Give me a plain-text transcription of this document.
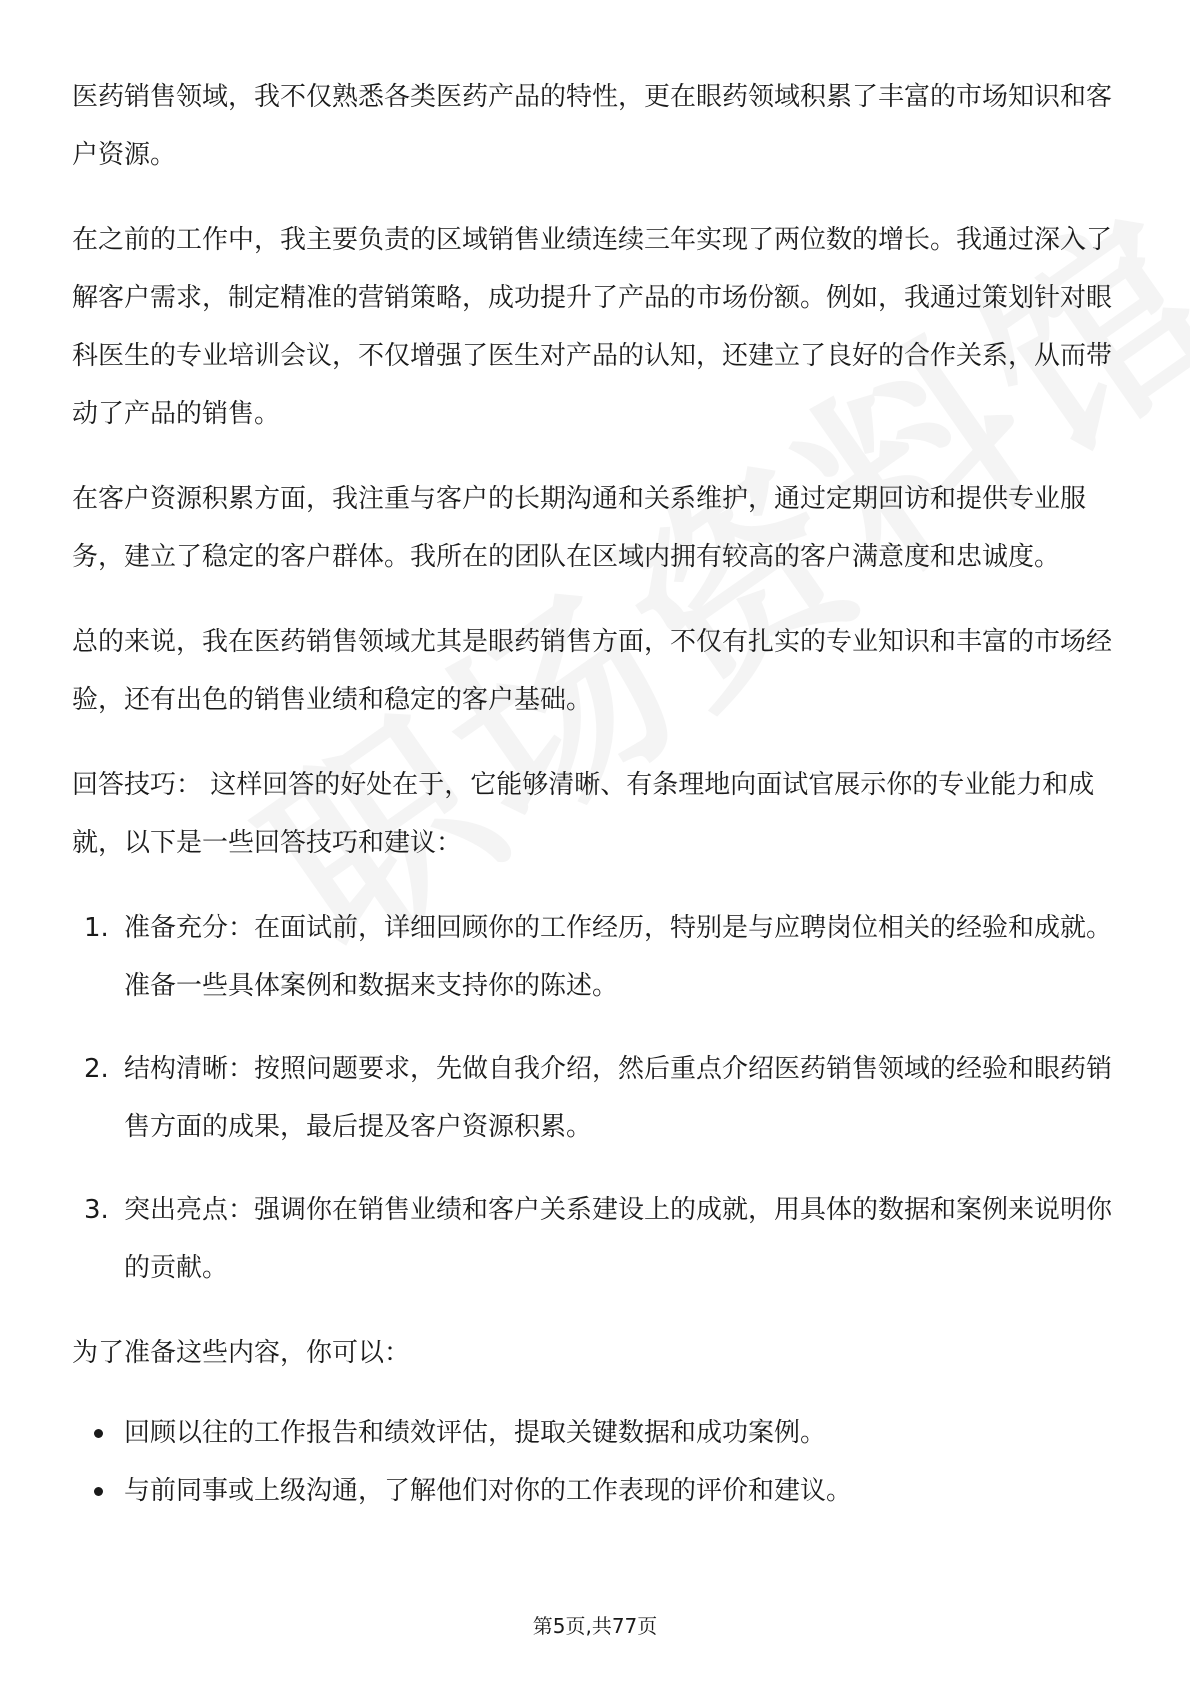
医药销售领域，我不仅熟悉各类医药产品的特性，更在眼药领域积累了丰富的市场知识和客户资源。

在之前的工作中，我主要负责的区域销售业绩连续三年实现了两位数的增长。我通过深入了解客户需求，制定精准的营销策略，成功提升了产品的市场份额。例如，我通过策划针对眼科医生的专业培训会议，不仅增强了医生对产品的认知，还建立了良好的合作关系，从而带动了产品的销售。

在客户资源积累方面，我注重与客户的长期沟通和关系维护，通过定期回访和提供专业服务，建立了稳定的客户群体。我所在的团队在区域内拥有较高的客户满意度和忠诚度。

总的来说，我在医药销售领域尤其是眼药销售方面，不仅有扎实的专业知识和丰富的市场经验，还有出色的销售业绩和稳定的客户基础。

回答技巧： 这样回答的好处在于，它能够清晰、有条理地向面试官展示你的专业能力和成就，以下是一些回答技巧和建议：

1. 准备充分：在面试前，详细回顾你的工作经历，特别是与应聘岗位相关的经验和成就。准备一些具体案例和数据来支持你的陈述。
2. 结构清晰：按照问题要求，先做自我介绍，然后重点介绍医药销售领域的经验和眼药销售方面的成果，最后提及客户资源积累。
3. 突出亮点：强调你在销售业绩和客户关系建设上的成就，用具体的数据和案例来说明你的贡献。

为了准备这些内容，你可以：

回顾以往的工作报告和绩效评估，提取关键数据和成功案例。
与前同事或上级沟通，了解他们对你的工作表现的评价和建议。
第5页,共77页
